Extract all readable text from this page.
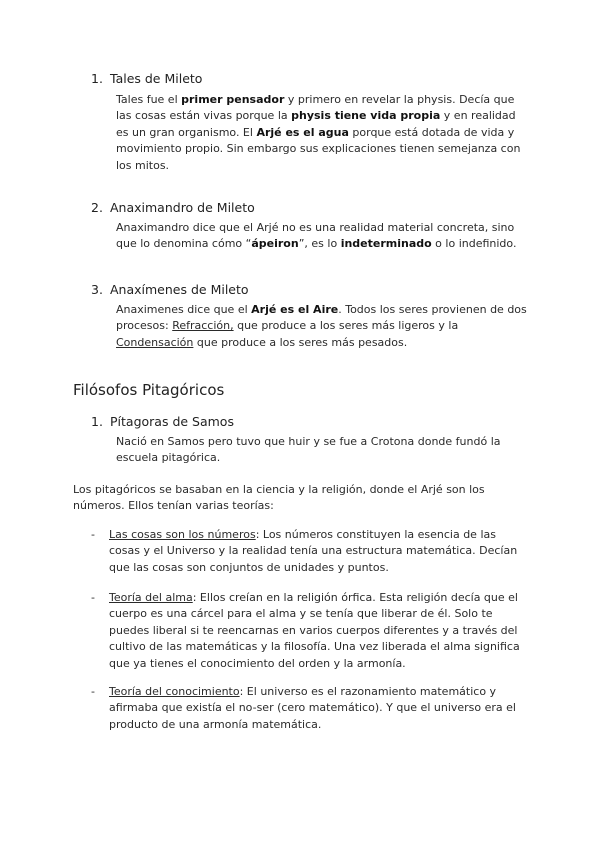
1. Tales de Mileto
Tales fue el primer pensador y primero en revelar la physis. Decía que las cosas están vivas porque la physis tiene vida propia y en realidad es un gran organismo. El Arjé es el agua porque está dotada de vida y movimiento propio. Sin embargo sus explicaciones tienen semejanza con los mitos.
2. Anaximandro de Mileto
Anaximandro dice que el Arjé no es una realidad material concreta, sino que lo denomina cómo “ápeiron”, es lo indeterminado o lo indefinido.
3. Anaxímenes de Mileto
Anaximenes dice que el Arjé es el Aire. Todos los seres provienen de dos procesos: Refracción, que produce a los seres más ligeros y la Condensación que produce a los seres más pesados.
Filósofos Pitagóricos
1. Pítagoras de Samos
Nació en Samos pero tuvo que huir y se fue a Crotona donde fundó la escuela pitagórica.
Los pitagóricos se basaban en la ciencia y la religión, donde el Arjé son los números. Ellos tenían varias teorías:
- Las cosas son los números: Los números constituyen la esencia de las cosas y el Universo y la realidad tenía una estructura matemática. Decían que las cosas son conjuntos de unidades y puntos.
- Teoría del alma: Ellos creían en la religión órfica. Esta religión decía que el cuerpo es una cárcel para el alma y se tenía que liberar de él. Solo te puedes liberal si te reencarnas en varios cuerpos diferentes y a través del cultivo de las matemáticas y la filosofía. Una vez liberada el alma significa que ya tienes el conocimiento del orden y la armonía.
- Teoría del conocimiento: El universo es el razonamiento matemático y afirmaba que existía el no-ser (cero matemático). Y que el universo era el producto de una armonía matemática.
